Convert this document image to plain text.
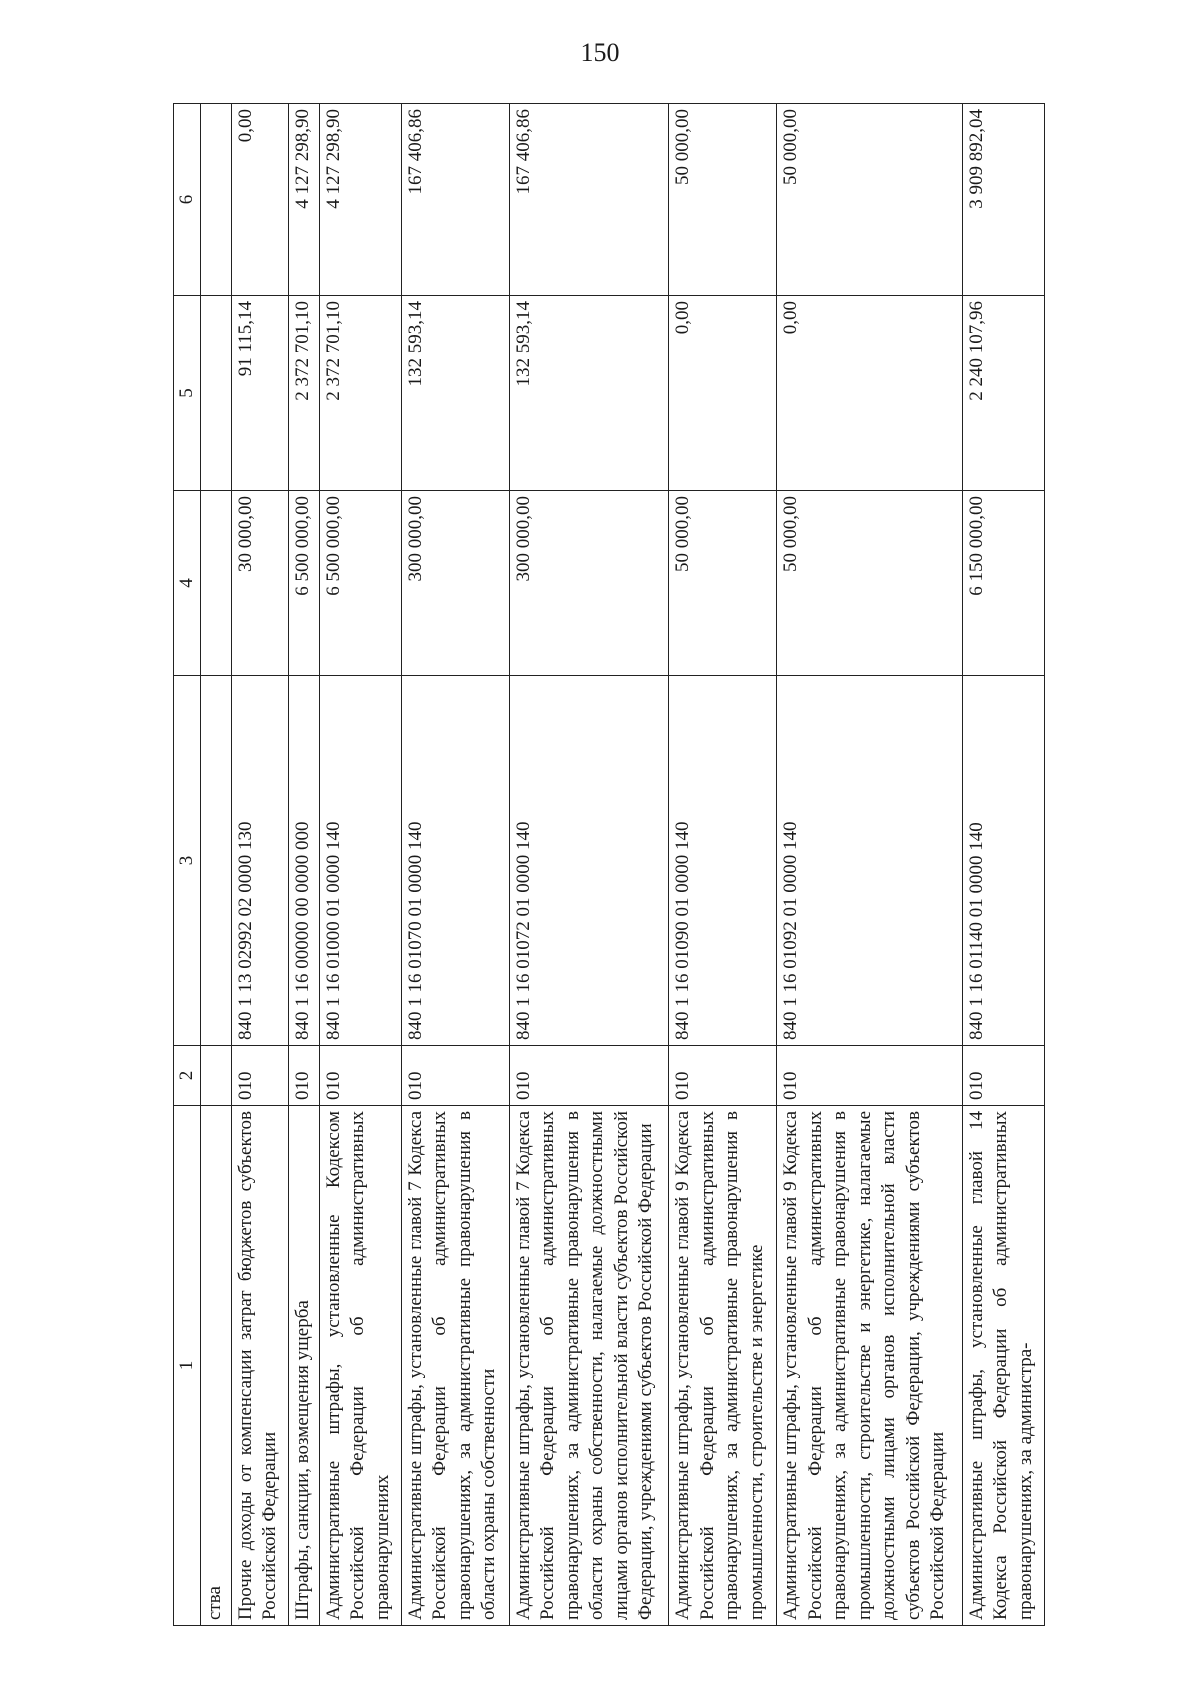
150
1	2	3	4	5	6
ства					
Прочие доходы от компенсации затрат бюджетов субъектов Российской Федерации	010	840 1 13 02992 02 0000 130	30 000,00	91 115,14	0,00
Штрафы, санкции, возмещения ущерба	010	840 1 16 00000 00 0000 000	6 500 000,00	2 372 701,10	4 127 298,90
Административные штрафы, установленные Кодексом Российской Федерации об административных правонарушениях	010	840 1 16 01000 01 0000 140	6 500 000,00	2 372 701,10	4 127 298,90
Административные штрафы, установленные главой 7 Кодекса Российской Федерации об административных правонарушениях, за административные правонарушения в области охраны собственности	010	840 1 16 01070 01 0000 140	300 000,00	132 593,14	167 406,86
Административные штрафы, установленные главой 7 Кодекса Российской Федерации об административных правонарушениях, за административные правонарушения в области охраны собственности, налагаемые должностными лицами органов исполнительной власти субъектов Российской Федерации, учреждениями субъектов Российской Федерации	010	840 1 16 01072 01 0000 140	300 000,00	132 593,14	167 406,86
Административные штрафы, установленные главой 9 Кодекса Российской Федерации об административных правонарушениях, за административные правонарушения в промышленности, строительстве и энергетике	010	840 1 16 01090 01 0000 140	50 000,00	0,00	50 000,00
Административные штрафы, установленные главой 9 Кодекса Российской Федерации об административных правонарушениях, за административные правонарушения в промышленности, строительстве и энергетике, налагаемые должностными лицами органов исполнительной власти субъектов Российской Федерации, учреждениями субъектов Российской Федерации	010	840 1 16 01092 01 0000 140	50 000,00	0,00	50 000,00
Административные штрафы, установленные главой 14 Кодекса Российской Федерации об административных правонарушениях, за администра-	010	840 1 16 01140 01 0000 140	6 150 000,00	2 240 107,96	3 909 892,04
